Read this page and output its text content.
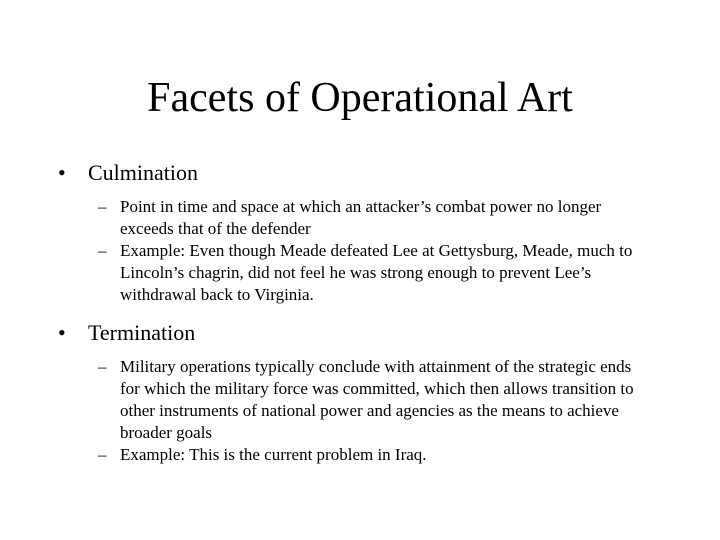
Facets of Operational Art
• Culmination
– Point in time and space at which an attacker’s combat power no longer exceeds that of the defender
– Example: Even though Meade defeated Lee at Gettysburg, Meade, much to Lincoln’s chagrin, did not feel he was strong enough to prevent Lee’s withdrawal back to Virginia.
• Termination
– Military operations typically conclude with attainment of the strategic ends for which the military force was committed, which then allows transition to other instruments of national power and agencies as the means to achieve broader goals
– Example: This is the current problem in Iraq.
